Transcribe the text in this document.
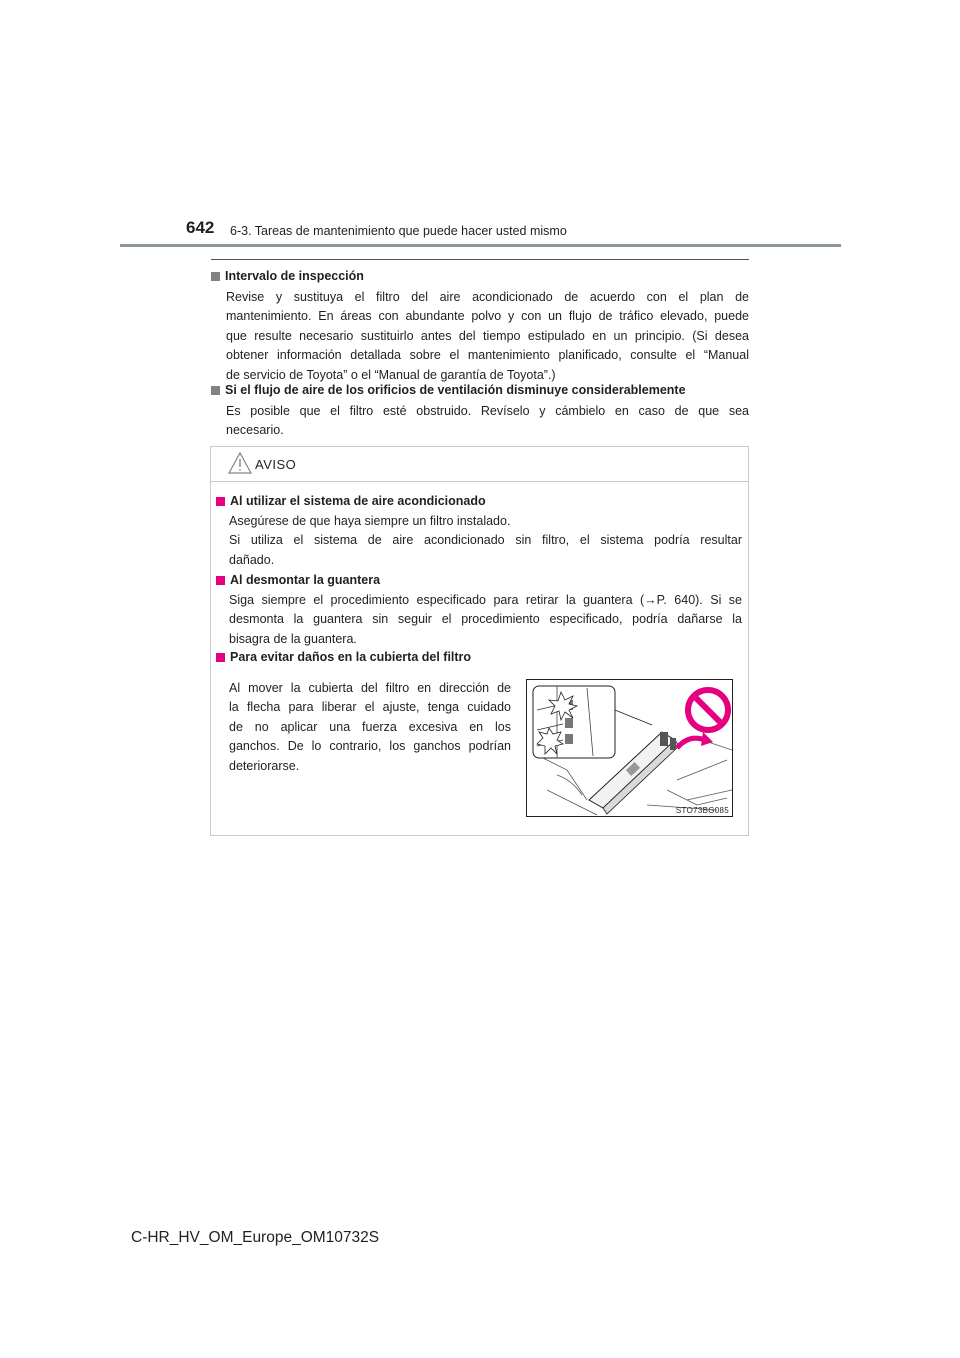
642 6-3. Tareas de mantenimiento que puede hacer usted mismo
Intervalo de inspección
Revise y sustituya el filtro del aire acondicionado de acuerdo con el plan de
mantenimiento. En áreas con abundante polvo y con un flujo de tráfico elevado, puede
que resulte necesario sustituirlo antes del tiempo estipulado en un principio. (Si desea
obtener información detallada sobre el mantenimiento planificado, consulte el “Manual
de servicio de Toyota” o el “Manual de garantía de Toyota”.)
Si el flujo de aire de los orificios de ventilación disminuye considerablemente
Es posible que el filtro esté obstruido. Revíselo y cámbielo en caso de que sea
necesario.
AVISO
Al utilizar el sistema de aire acondicionado
Asegúrese de que haya siempre un filtro instalado.
Si utiliza el sistema de aire acondicionado sin filtro, el sistema podría resultar
dañado.
Al desmontar la guantera
Siga siempre el procedimiento especificado para retirar la guantera (→P. 640). Si se
desmonta la guantera sin seguir el procedimiento especificado, podría dañarse la
bisagra de la guantera.
Para evitar daños en la cubierta del filtro
Al mover la cubierta del filtro en dirección de
la flecha para liberar el ajuste, tenga cuidado
de no aplicar una fuerza excesiva en los
ganchos. De lo contrario, los ganchos podrían
deteriorarse.
STO73BG085
C-HR_HV_OM_Europe_OM10732S
